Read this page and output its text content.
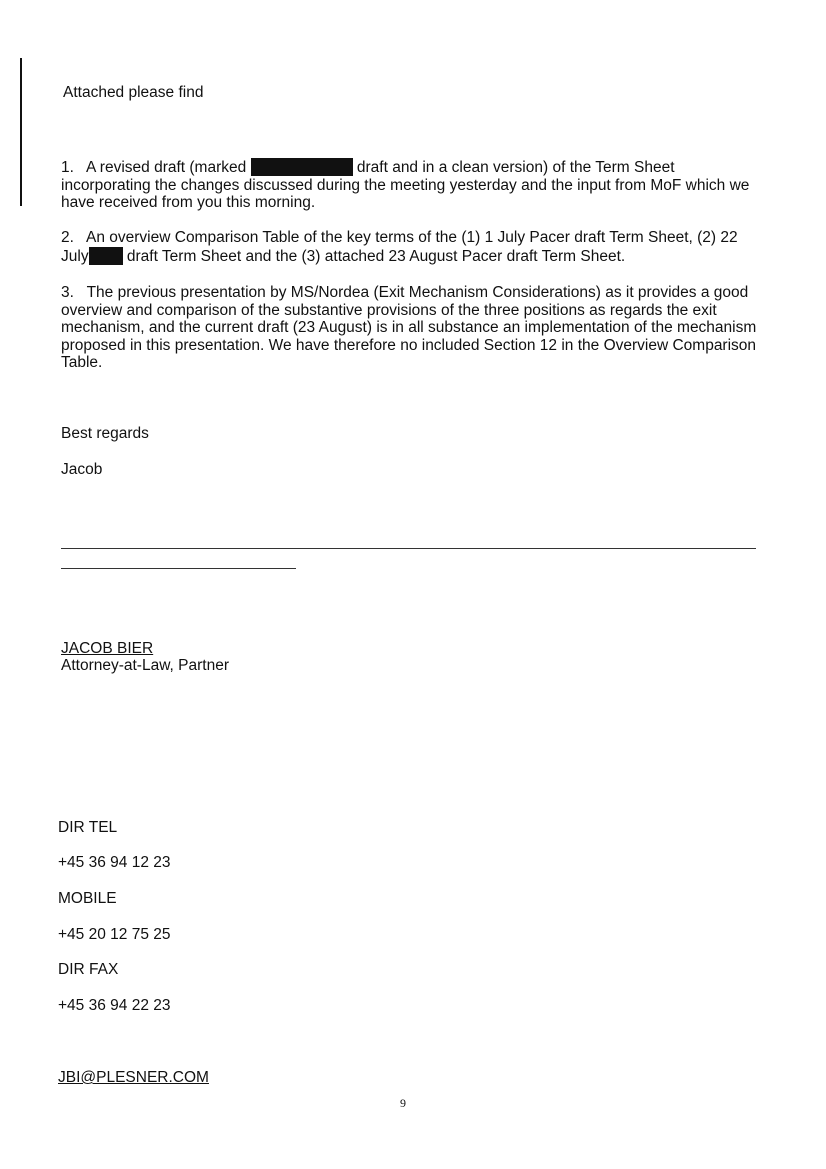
Attached please find
1. A revised draft (marked	draft and in a clean version) of the Term Sheet incorporating the changes discussed during the meeting yesterday and the input from MoF which we have received from you this morning.
2. An overview Comparison Table of the key terms of the (1) 1 July Pacer draft Term Sheet, (2) 22 July draft Term Sheet and the (3) attached 23 August Pacer draft Term Sheet.
3. The previous presentation by MS/Nordea (Exit Mechanism Considerations) as it provides a good overview and comparison of the substantive provisions of the three positions as regards the exit mechanism, and the current draft (23 August) is in all substance an implementation of the mechanism proposed in this presentation. We have therefore no included Section 12 in the Overview Comparison Table.
Best regards
Jacob
JACOB BIER
Attorney-at-Law, Partner
DIR TEL
+45 36 94 12 23
MOBILE
+45 20 12 75 25
DIR FAX
+45 36 94 22 23
JBI@PLESNER.COM
9
